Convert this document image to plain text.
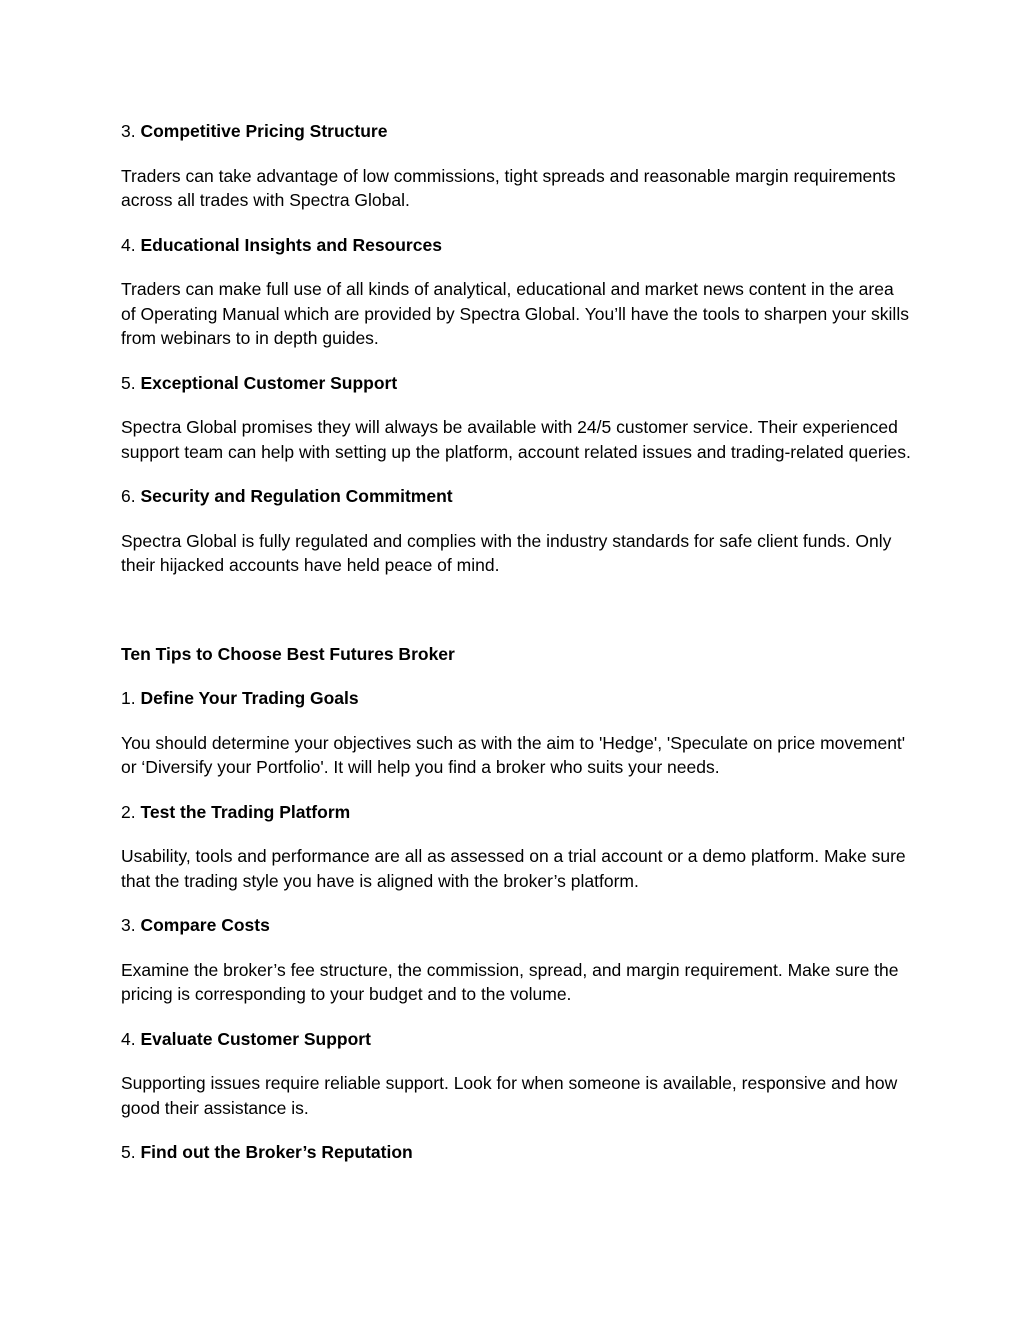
3. Competitive Pricing Structure

Traders can take advantage of low commissions, tight spreads and reasonable margin requirements across all trades with Spectra Global.

4. Educational Insights and Resources

Traders can make full use of all kinds of analytical, educational and market news content in the area of Operating Manual which are provided by Spectra Global. You’ll have the tools to sharpen your skills from webinars to in depth guides.

5. Exceptional Customer Support

Spectra Global promises they will always be available with 24/5 customer service. Their experienced support team can help with setting up the platform, account related issues and trading-related queries.

6. Security and Regulation Commitment

Spectra Global is fully regulated and complies with the industry standards for safe client funds. Only their hijacked accounts have held peace of mind.

Ten Tips to Choose Best Futures Broker

1. Define Your Trading Goals

You should determine your objectives such as with the aim to 'Hedge', 'Speculate on price movement' or ‘Diversify your Portfolio'. It will help you find a broker who suits your needs.

2. Test the Trading Platform

Usability, tools and performance are all as assessed on a trial account or a demo platform. Make sure that the trading style you have is aligned with the broker’s platform.

3. Compare Costs

Examine the broker’s fee structure, the commission, spread, and margin requirement. Make sure the pricing is corresponding to your budget and to the volume.

4. Evaluate Customer Support

Supporting issues require reliable support. Look for when someone is available, responsive and how good their assistance is.

5. Find out the Broker’s Reputation
